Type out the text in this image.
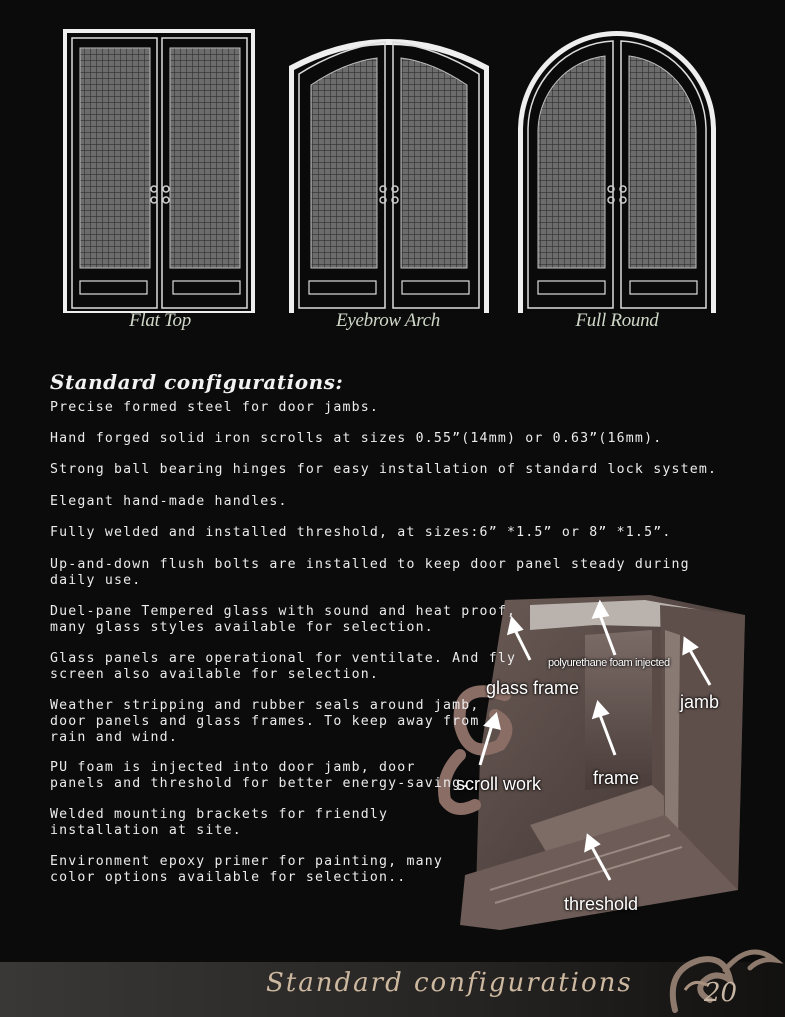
Flat Top	Eyebrow Arch	Full Round
Standard configurations:
polyurethane foam injected
glass frame
jamb
scroll work	frame
threshold
Precise formed steel for door jambs.
Hand forged solid iron scrolls at sizes 0.55”(14mm) or 0.63”(16mm).
Strong ball bearing hinges for easy installation of standard lock system.
Elegant hand-made handles.
Fully welded and installed threshold, at sizes:6” *1.5” or 8” *1.5”.
Up-and-down flush bolts are installed to keep door panel steady during
daily use.
Duel-pane Tempered glass with sound and heat proof,
many glass styles available for selection.
Glass panels are operational for ventilate. And fly
screen also available for selection.
Weather stripping and rubber seals around jamb,
door panels and glass frames. To keep away from
rain and wind.
PU foam is injected into door jamb, door
panels and threshold for better energy-saving.
Welded mounting brackets for friendly
installation at site.
Environment epoxy primer for painting, many
color options available for selection..
Standard configurations	20
